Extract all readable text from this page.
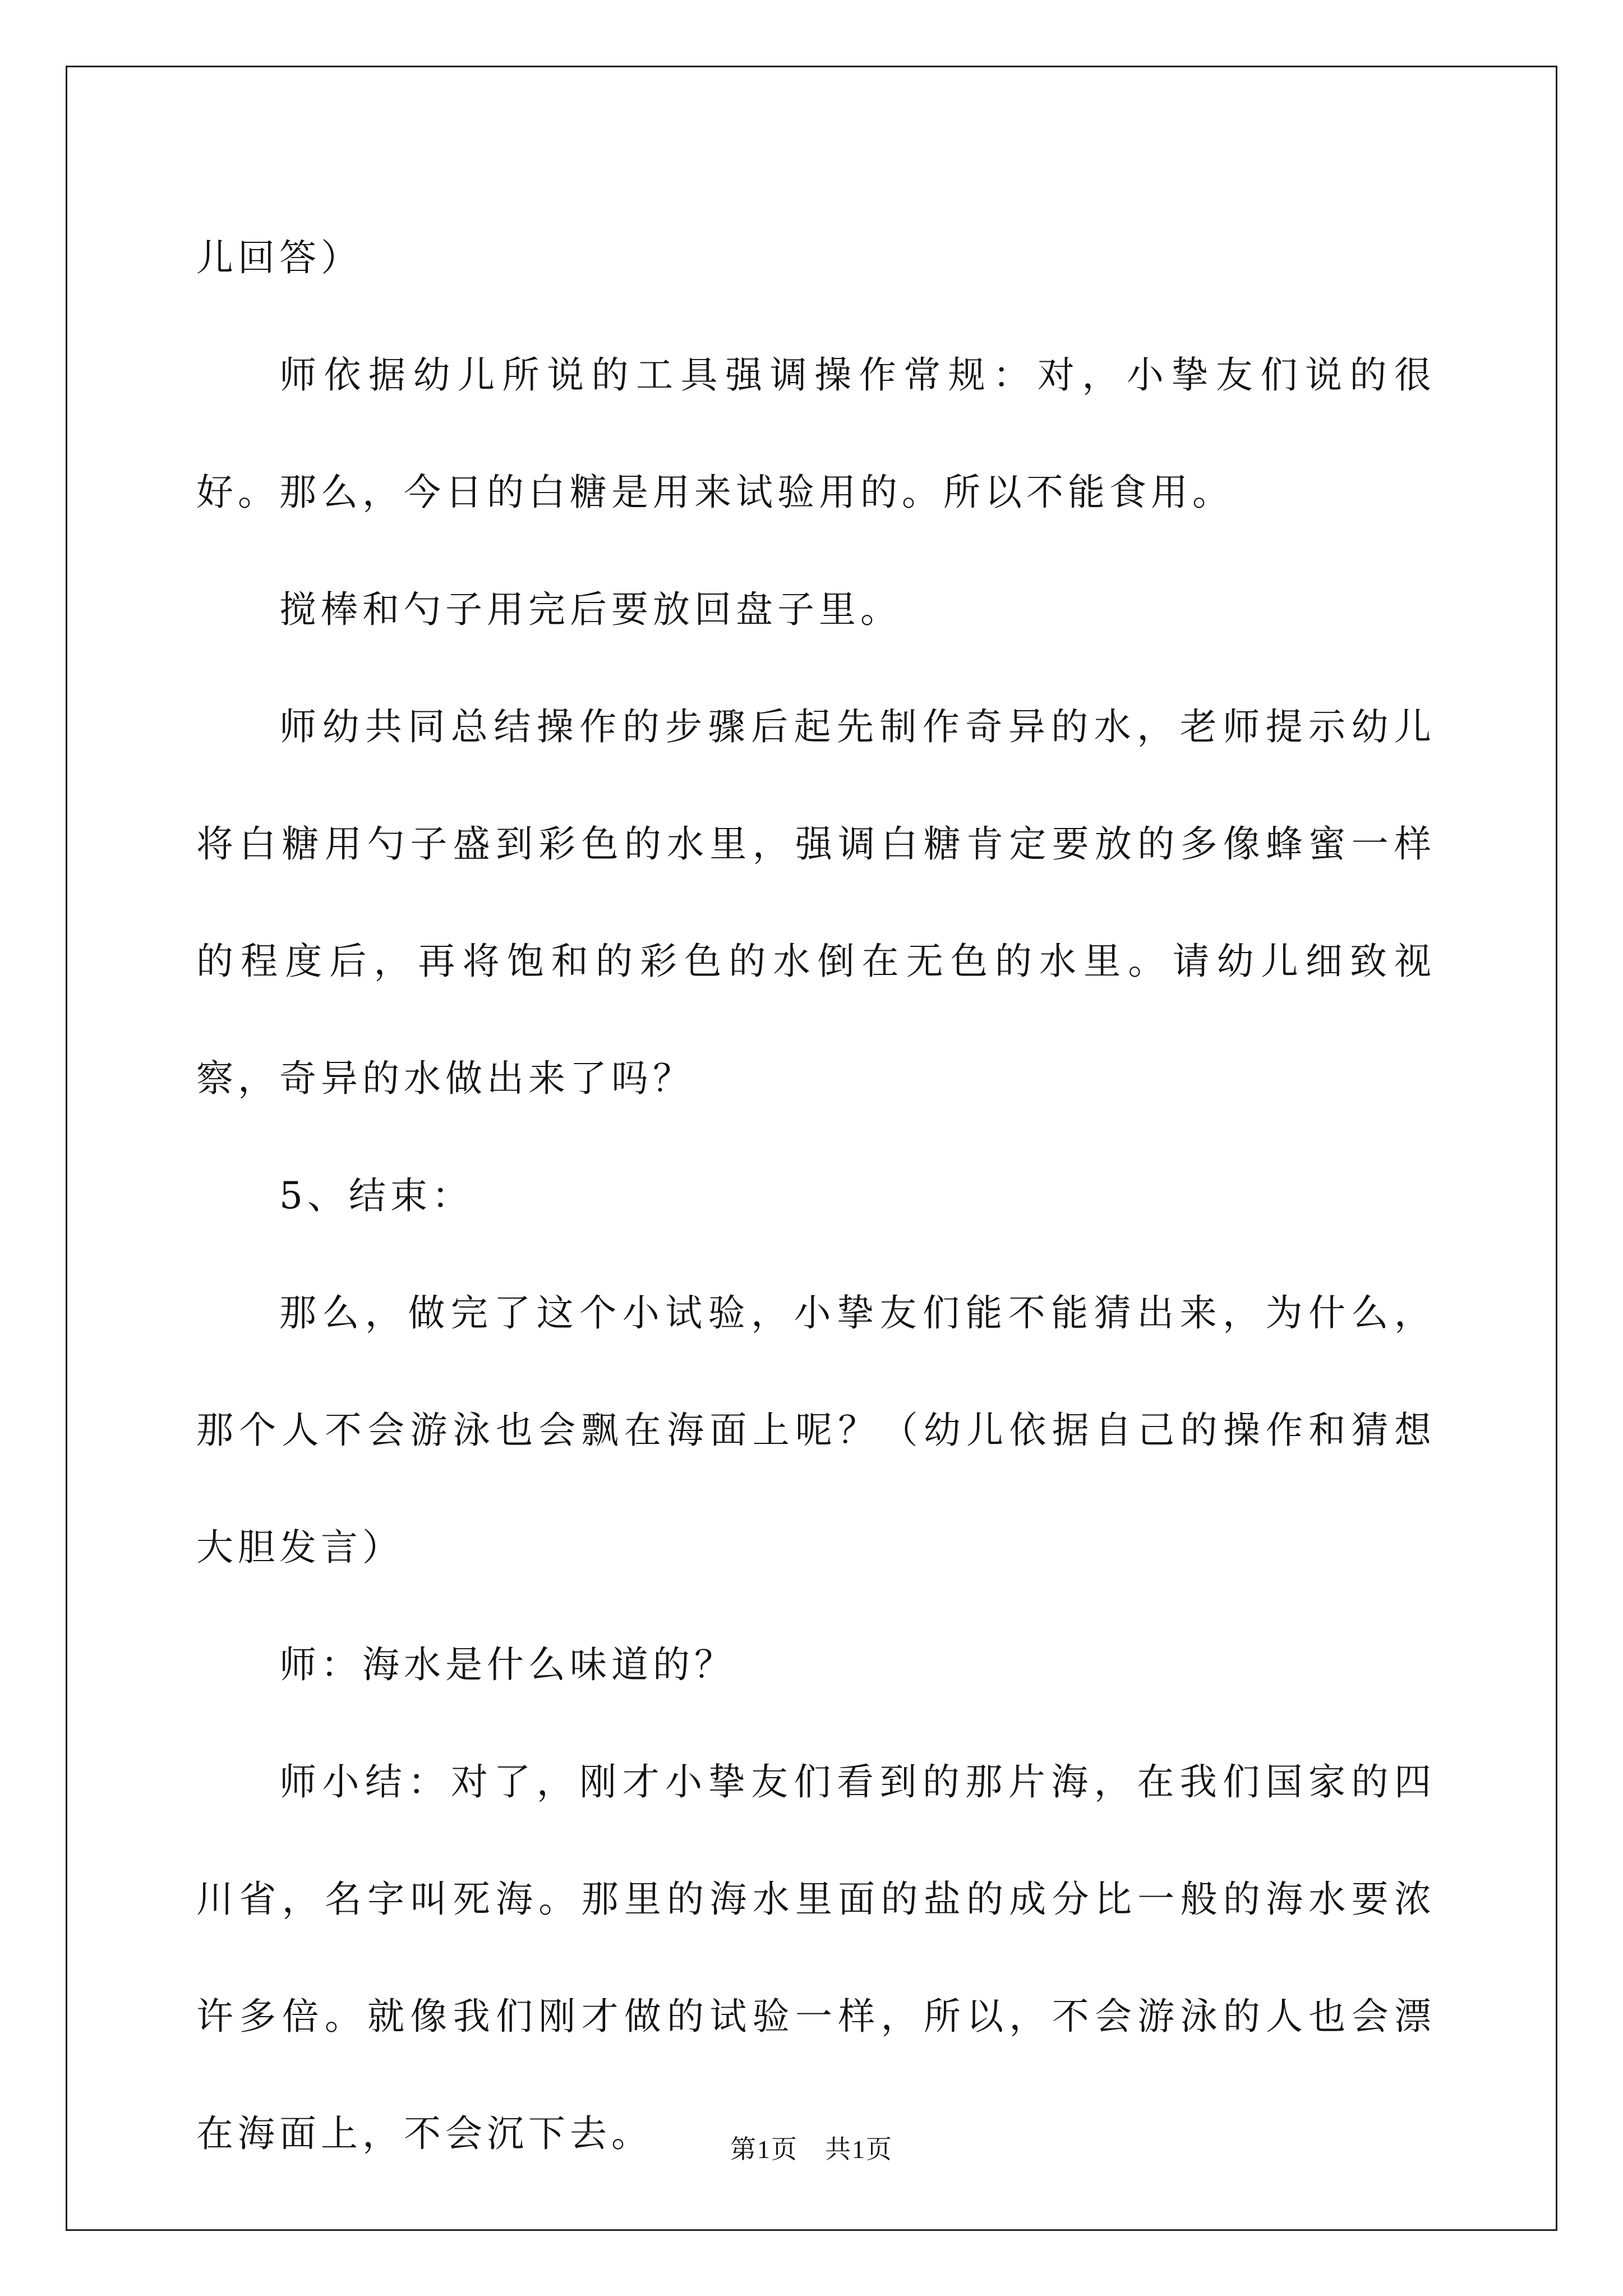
儿回答）

师依据幼儿所说的工具强调操作常规：对，小挚友们说的很好。那么，今日的白糖是用来试验用的。所以不能食用。

搅棒和勺子用完后要放回盘子里。

师幼共同总结操作的步骤后起先制作奇异的水，老师提示幼儿将白糖用勺子盛到彩色的水里，强调白糖肯定要放的多像蜂蜜一样的程度后，再将饱和的彩色的水倒在无色的水里。请幼儿细致视察，奇异的水做出来了吗？

5、结束：

那么，做完了这个小试验，小挚友们能不能猜出来，为什么，那个人不会游泳也会飘在海面上呢？（幼儿依据自己的操作和猜想大胆发言）

师：海水是什么味道的？

师小结：对了，刚才小挚友们看到的那片海，在我们国家的四川省，名字叫死海。那里的海水里面的盐的成分比一般的海水要浓许多倍。就像我们刚才做的试验一样，所以，不会游泳的人也会漂在海面上，不会沉下去。	第1页 共1页
